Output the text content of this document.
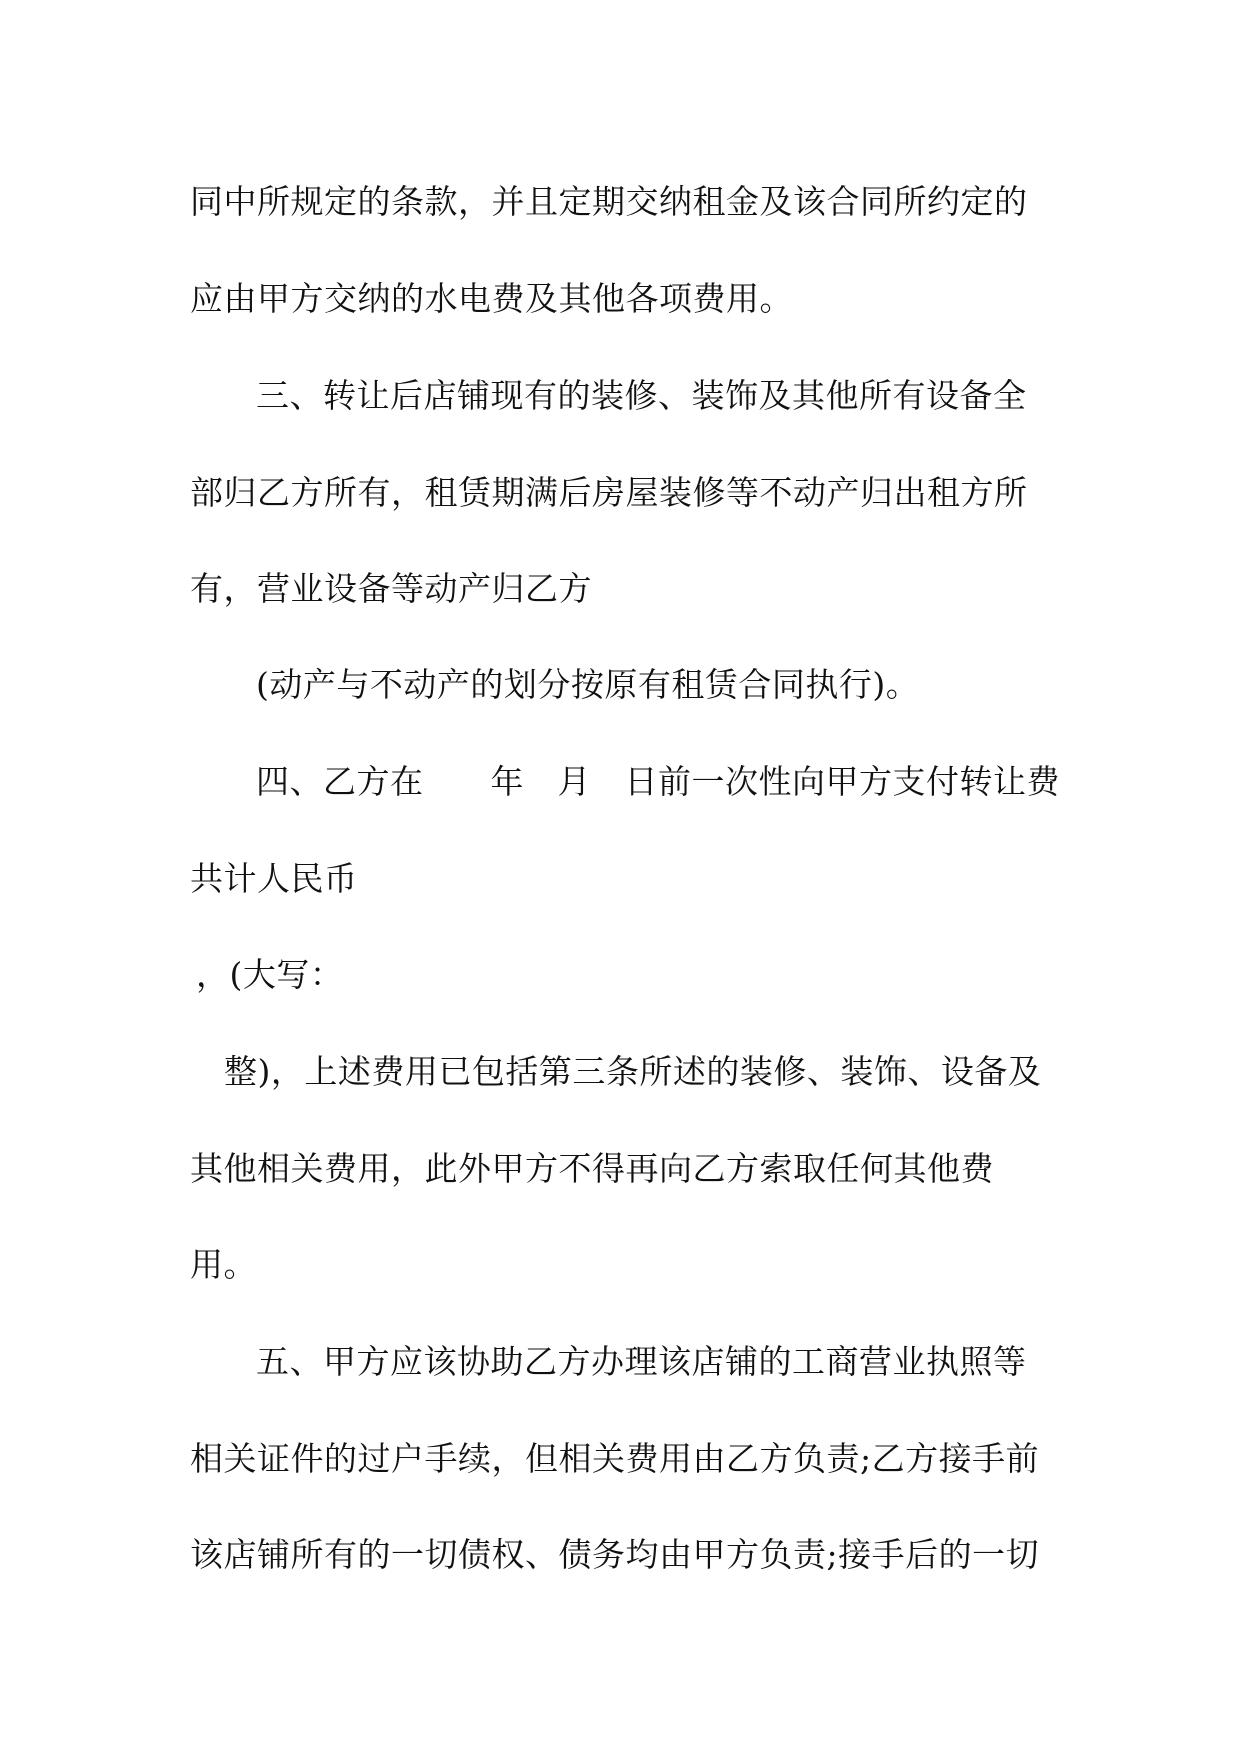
同中所规定的条款，并且定期交纳租金及该合同所约定的
应由甲方交纳的水电费及其他各项费用。
三、转让后店铺现有的装修、装饰及其他所有设备全
部归乙方所有，租赁期满后房屋装修等不动产归出租方所
有，营业设备等动产归乙方
(动产与不动产的划分按原有租赁合同执行)。
四、乙方在　　年　月　日前一次性向甲方支付转让费
共计人民币
，(大写：
整)，上述费用已包括第三条所述的装修、装饰、设备及
其他相关费用，此外甲方不得再向乙方索取任何其他费
用。
五、甲方应该协助乙方办理该店铺的工商营业执照等
相关证件的过户手续，但相关费用由乙方负责;乙方接手前
该店铺所有的一切债权、债务均由甲方负责;接手后的一切
